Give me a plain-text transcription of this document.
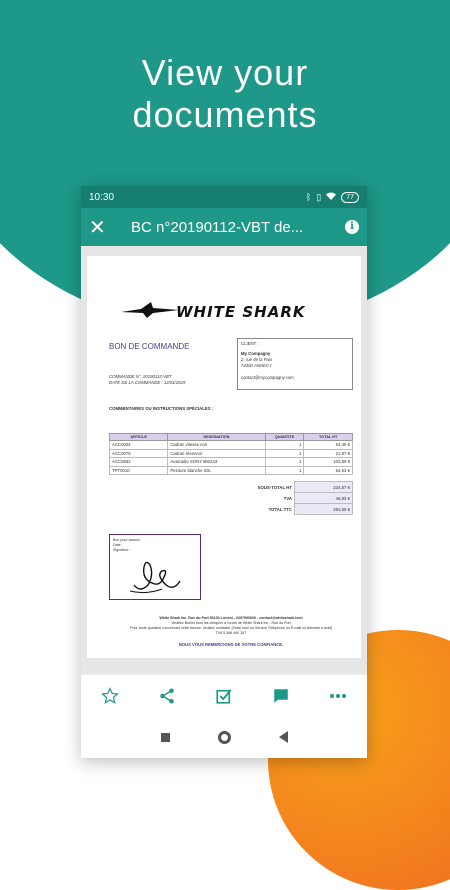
View your
documents
10:30	ᛒ ▯	77
✕	BC n°20190112-VBT de...	i
WHITE SHARK
BON DE COMMANDE	CLIENT :
My Compagny
2, rue de la Paix
74300 ANNECY
contact@mycompagny.com
COMMANDE N°: 20190112-VBT
DATE DE LA COMMANDE : 12/01/2019
COMMENTAIRES OU INSTRUCTIONS SPÉCIALES :
ARTICLE	DESIGNATION	QUANTITE	TOTAL HT
ACC0034	Cadran vitesse noir	1	54,45 €
ACC0076	Cadran réservoir	1	21,87 €
ACC0832	Autoradio SONY BW243	1	103,89 €
TPT0010	Peinture blanche 20L	1	54,63 €
SOUS-TOTAL HT	234,67 €
TVA	46,93 €
TOTAL TTC	281,60 €
Bon pour accord :
Date :
Signature :
White Shark Inc. Rue du Port 56100 Lorient - 0297990000 - contact@whiteshark.tech
Veuillez libeller tous les chèques à l'ordre de White Shark Inc - Rue du Port
Pour toute question concernant cette facture, veuillez contacter [Votre nom ou Service Téléphone ou E-mail ou Adresse e-mail]
TVA 5 566 960 267
NOUS VOUS REMERCIONS DE VOTRE CONFIANCE.
